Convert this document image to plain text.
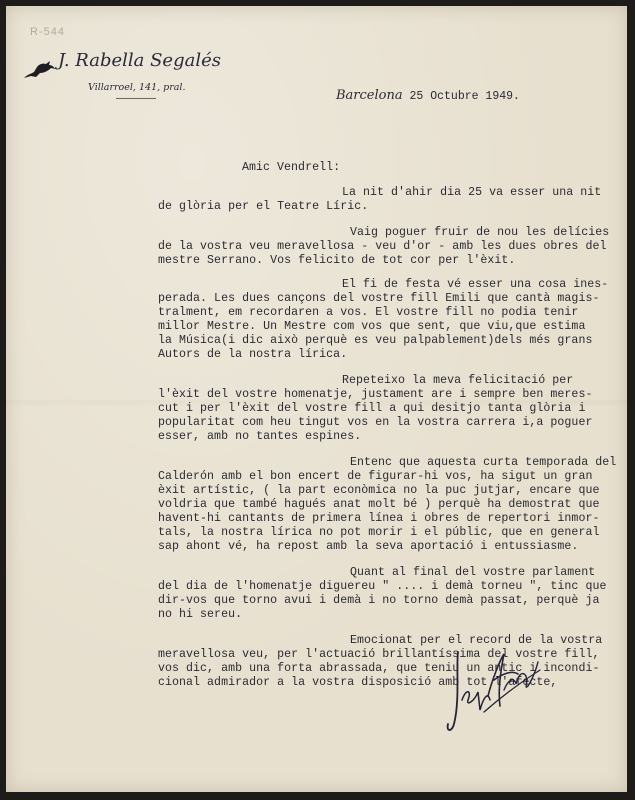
R-544
J. Rabella Segalés
Villarroel, 141, pral.
Barcelona 25 Octubre 1949.
Amic Vendrell:
La nit d'ahir dia 25 va esser una nit
de glòria per el Teatre Líric.
Vaig poguer fruir de nou les delícies
de la vostra veu meravellosa - veu d'or - amb les dues obres del
mestre Serrano. Vos felicito de tot cor per l'èxit.
El fi de festa vé esser una cosa ines-
perada. Les dues cançons del vostre fill Emili que cantà magis-
tralment, em recordaren a vos. El vostre fill no podia tenir
millor Mestre. Un Mestre com vos que sent, que viu,que estima
la Música(i dic això perquè es veu palpablement)dels més grans
Autors de la nostra lírica.
Repeteixo la meva felicitació per
l'èxit del vostre homenatje, justament are i sempre ben meres-
cut i per l'èxit del vostre fill a qui desitjo tanta glòria i
popularitat com heu tingut vos en la vostra carrera i,a poguer
esser, amb no tantes espines.
Entenc que aquesta curta temporada del
Calderón amb el bon encert de figurar-hi vos, ha sigut un gran
èxit artístic, ( la part econòmica no la puc jutjar, encare que
voldria que també hagués anat molt bé ) perquè ha demostrat que
havent-hi cantants de primera línea i obres de repertori inmor-
tals, la nostra lírica no pot morir i el públic, que en general
sap ahont vé, ha repost amb la seva aportació i entussiasme.
Quant al final del vostre parlament
del dia de l'homenatje diguereu " .... i demà torneu ", tinc que
dir-vos que torno avui i demà i no torno demà passat, perquè ja
no hi sereu.
Emocionat per el record de la vostra
meravellosa veu, per l'actuació brillantíssima del vostre fill,
vos dic, amb una forta abrassada, que teniu un antic i incondi-
cional admirador a la vostra disposició amb tot l'afecte,
